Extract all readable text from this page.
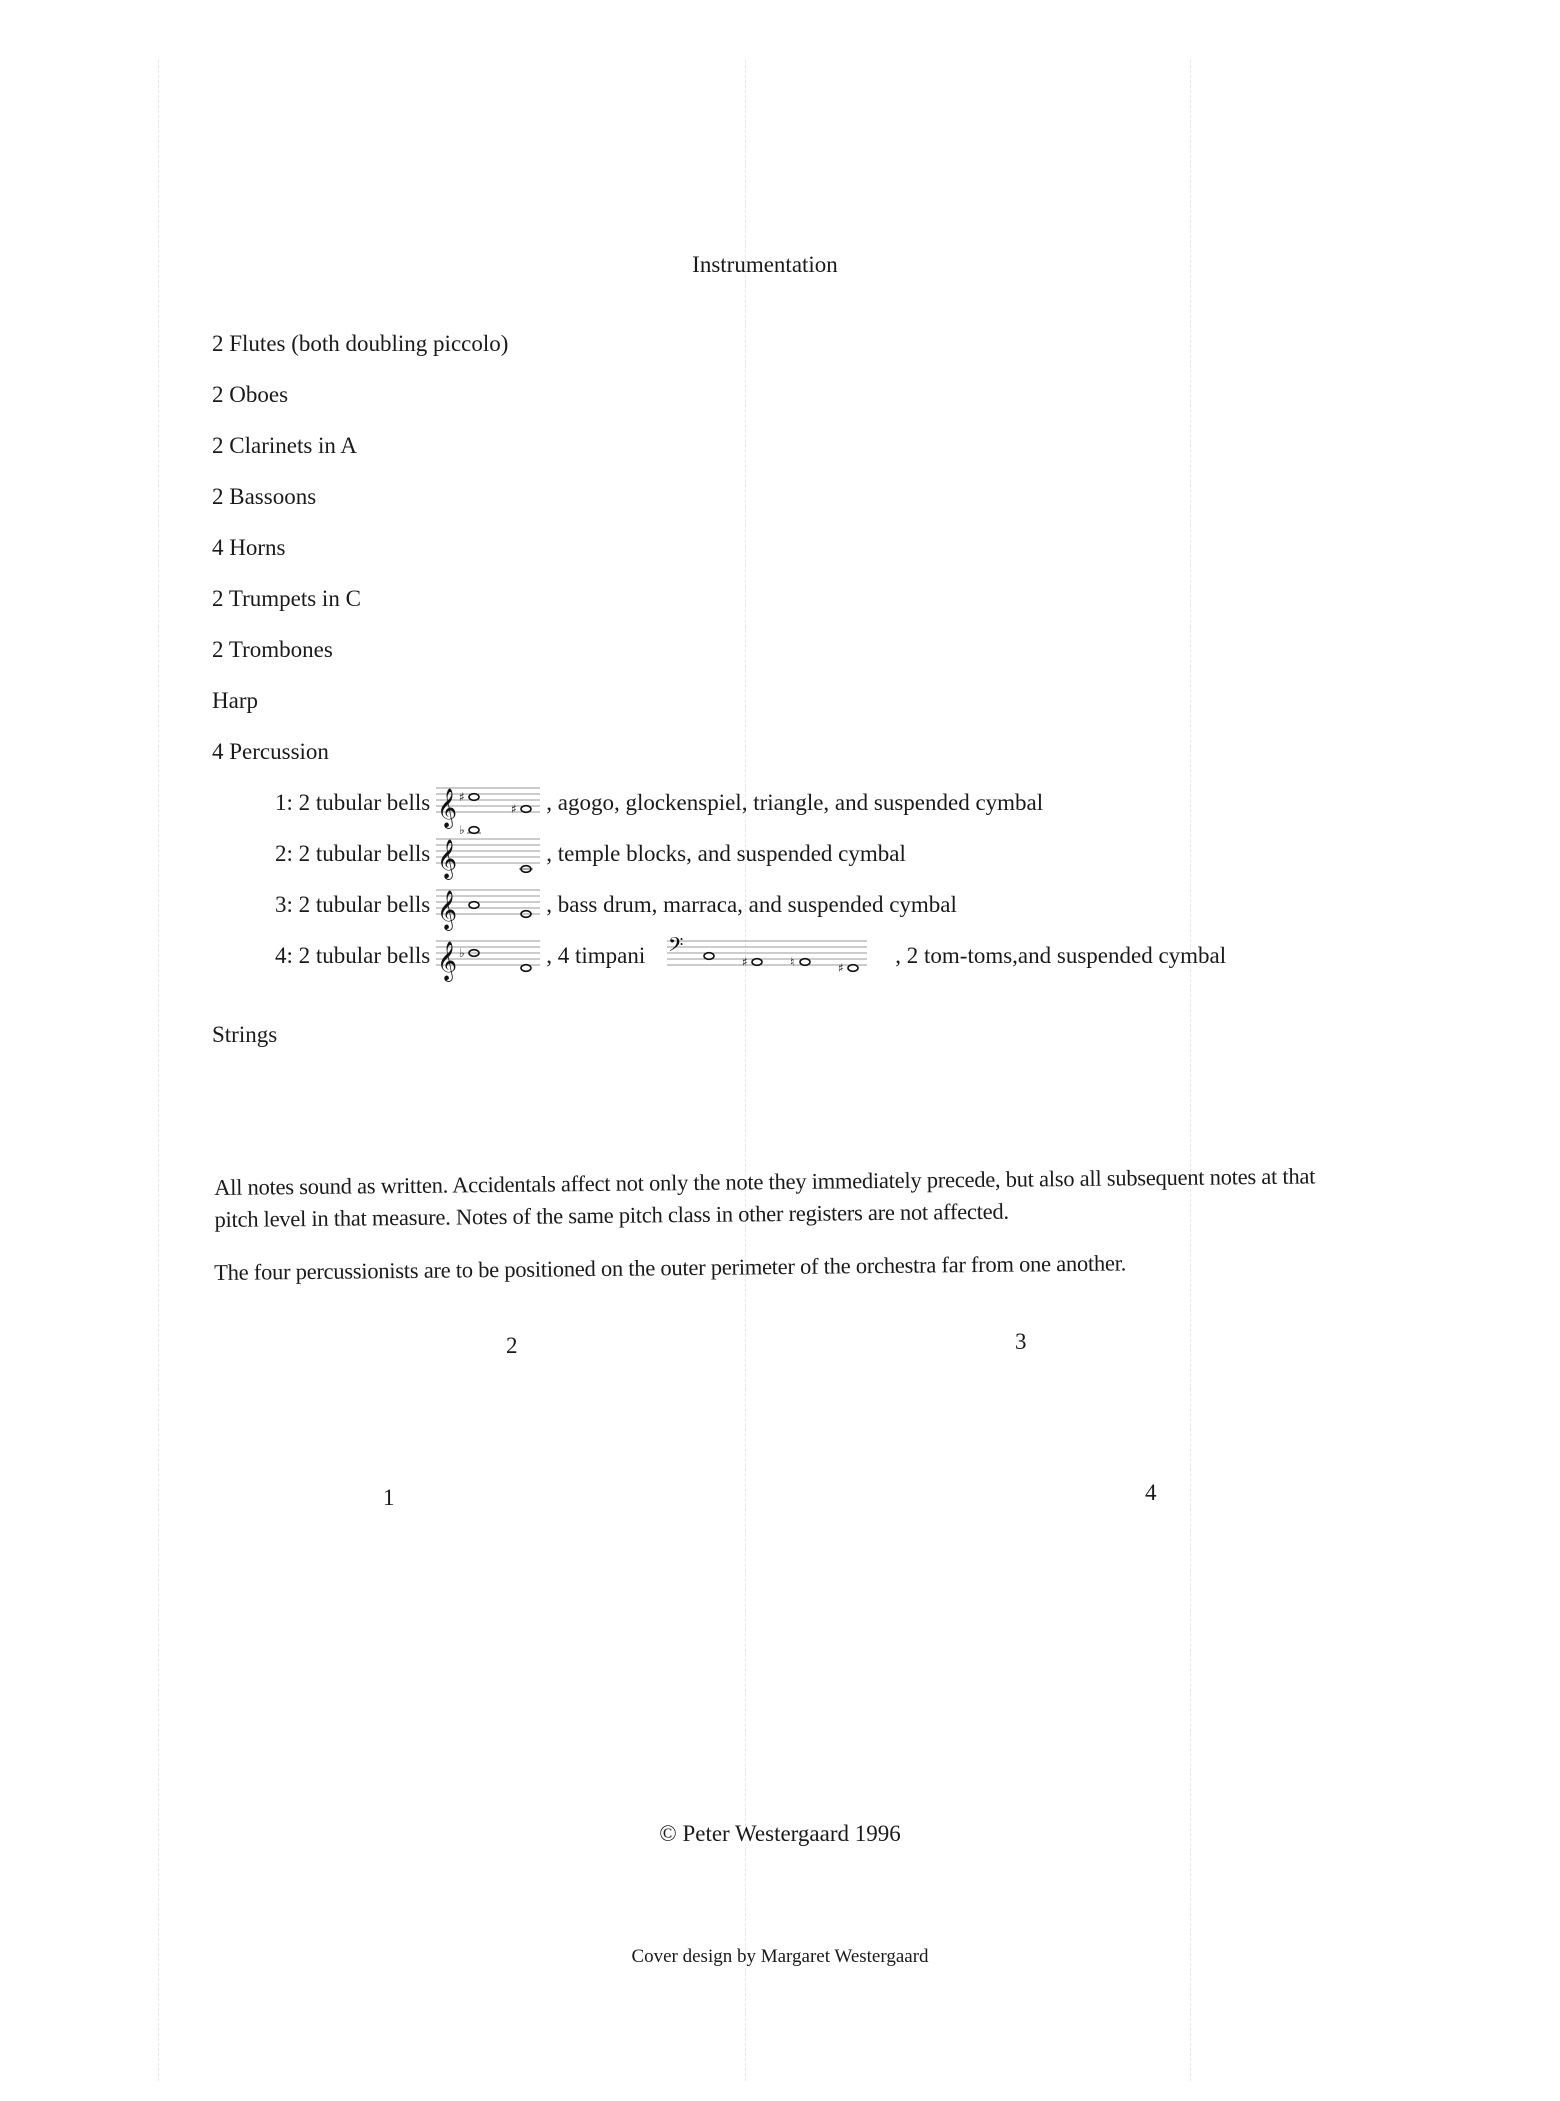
Instrumentation
2 Flutes (both doubling piccolo)
2 Oboes
2 Clarinets in A
2 Bassoons
4 Horns
2 Trumpets in C
2 Trombones
Harp
4 Percussion
1: 2 tubular bells 𝄞 ♯
♯ , agogo, glockenspiel, triangle, and suspended cymbal
2: 2 tubular bells 𝄞
♭
, temple blocks, and suspended cymbal
3: 2 tubular bells 𝄞	, bass drum, marraca, and suspended cymbal
4: 2 tubular bells 𝄞 ♭	, 4 timpani 𝄢
♯	♮	♯ , 2 tom-toms,and suspended cymbal
Strings
All notes sound as written. Accidentals affect not only the note they immediately precede, but also all subsequent notes at that pitch level in that measure. Notes of the same pitch class in other registers are not affected.
The four percussionists are to be positioned on the outer perimeter of the orchestra far from one another.
2	3
1	4
© Peter Westergaard 1996
Cover design by Margaret Westergaard
